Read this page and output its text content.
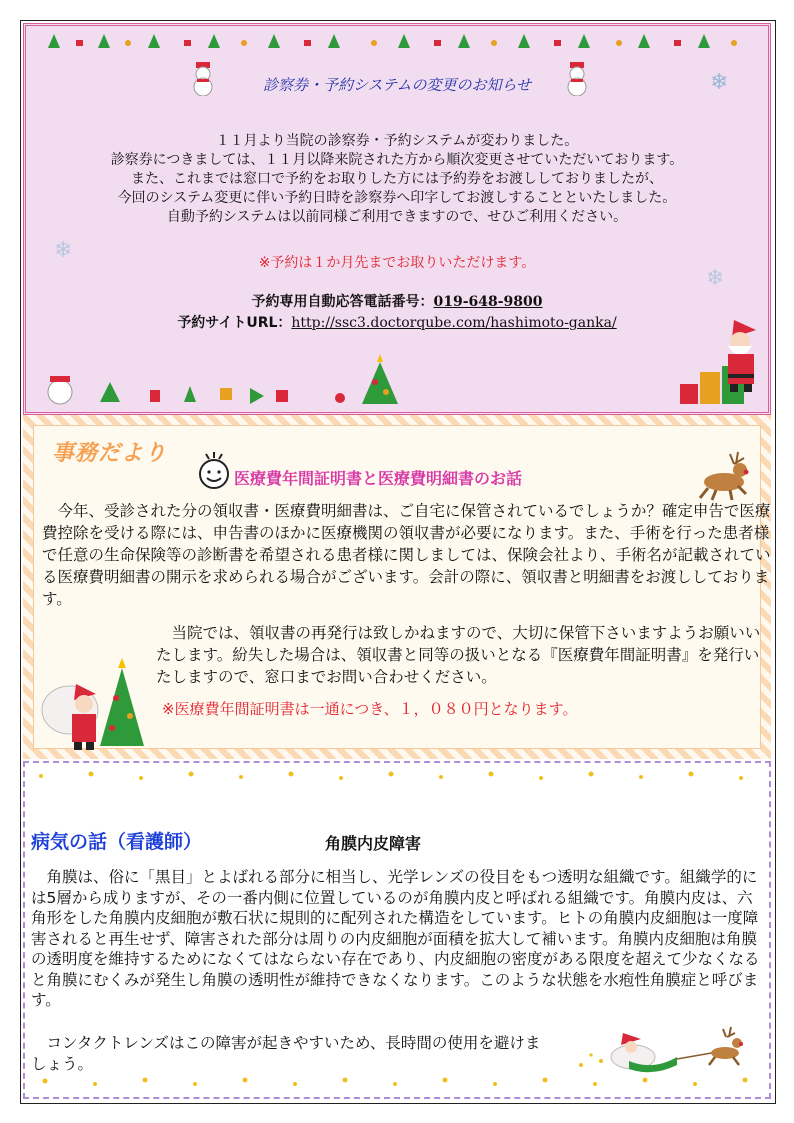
診察券・予約システムの変更のお知らせ	❄
❄
❄
１１月より当院の診察券・予約システムが変わりました。
診察券につきましては、１１月以降来院された方から順次変更させていただいております。
また、これまでは窓口で予約をお取りした方には予約券をお渡ししておりましたが、
今回のシステム変更に伴い予約日時を診察券へ印字してお渡しすることといたしました。
自動予約システムは以前同様ご利用できますので、せひご利用ください。
※予約は１か月先までお取りいただけます。
予約専用自動応答電話番号：019-648-9800
予約サイトURL：http://ssc3.doctorqube.com/hashimoto-ganka/
事務だより
医療費年間証明書と医療費明細書のお話
　今年、受診された分の領収書・医療費明細書は、ご自宅に保管されているでしょうか？確定申告で医療費控除を受ける際には、申告書のほかに医療機関の領収書が必要になります。また、手術を行った患者様で任意の生命保険等の診断書を希望される患者様に関しましては、保険会社より、手術名が記載されている医療費明細書の開示を求められる場合がございます。会計の際に、領収書と明細書をお渡ししております。
　当院では、領収書の再発行は致しかねますので、大切に保管下さいますようお願いいたします。紛失した場合は、領収書と同等の扱いとなる『医療費年間証明書』を発行いたしますので、窓口までお問い合わせください。
※医療費年間証明書は一通につき、１，０８０円となります。
病気の話（看護師）	角膜内皮障害
　角膜は、俗に「黒目」とよばれる部分に相当し、光学レンズの役目をもつ透明な組織です。組織学的には5層から成りますが、その一番内側に位置しているのが角膜内皮と呼ばれる組織です。角膜内皮は、六角形をした角膜内皮細胞が敷石状に規則的に配列された構造をしています。ヒトの角膜内皮細胞は一度障害されると再生せず、障害された部分は周りの内皮細胞が面積を拡大して補います。角膜内皮細胞は角膜の透明度を維持するためになくてはならない存在であり、内皮細胞の密度がある限度を超えて少なくなると角膜にむくみが発生し角膜の透明性が維持できなくなります。このような状態を水疱性角膜症と呼びます。
　コンタクトレンズはこの障害が起きやすいため、長時間の使用を避けましょう。
